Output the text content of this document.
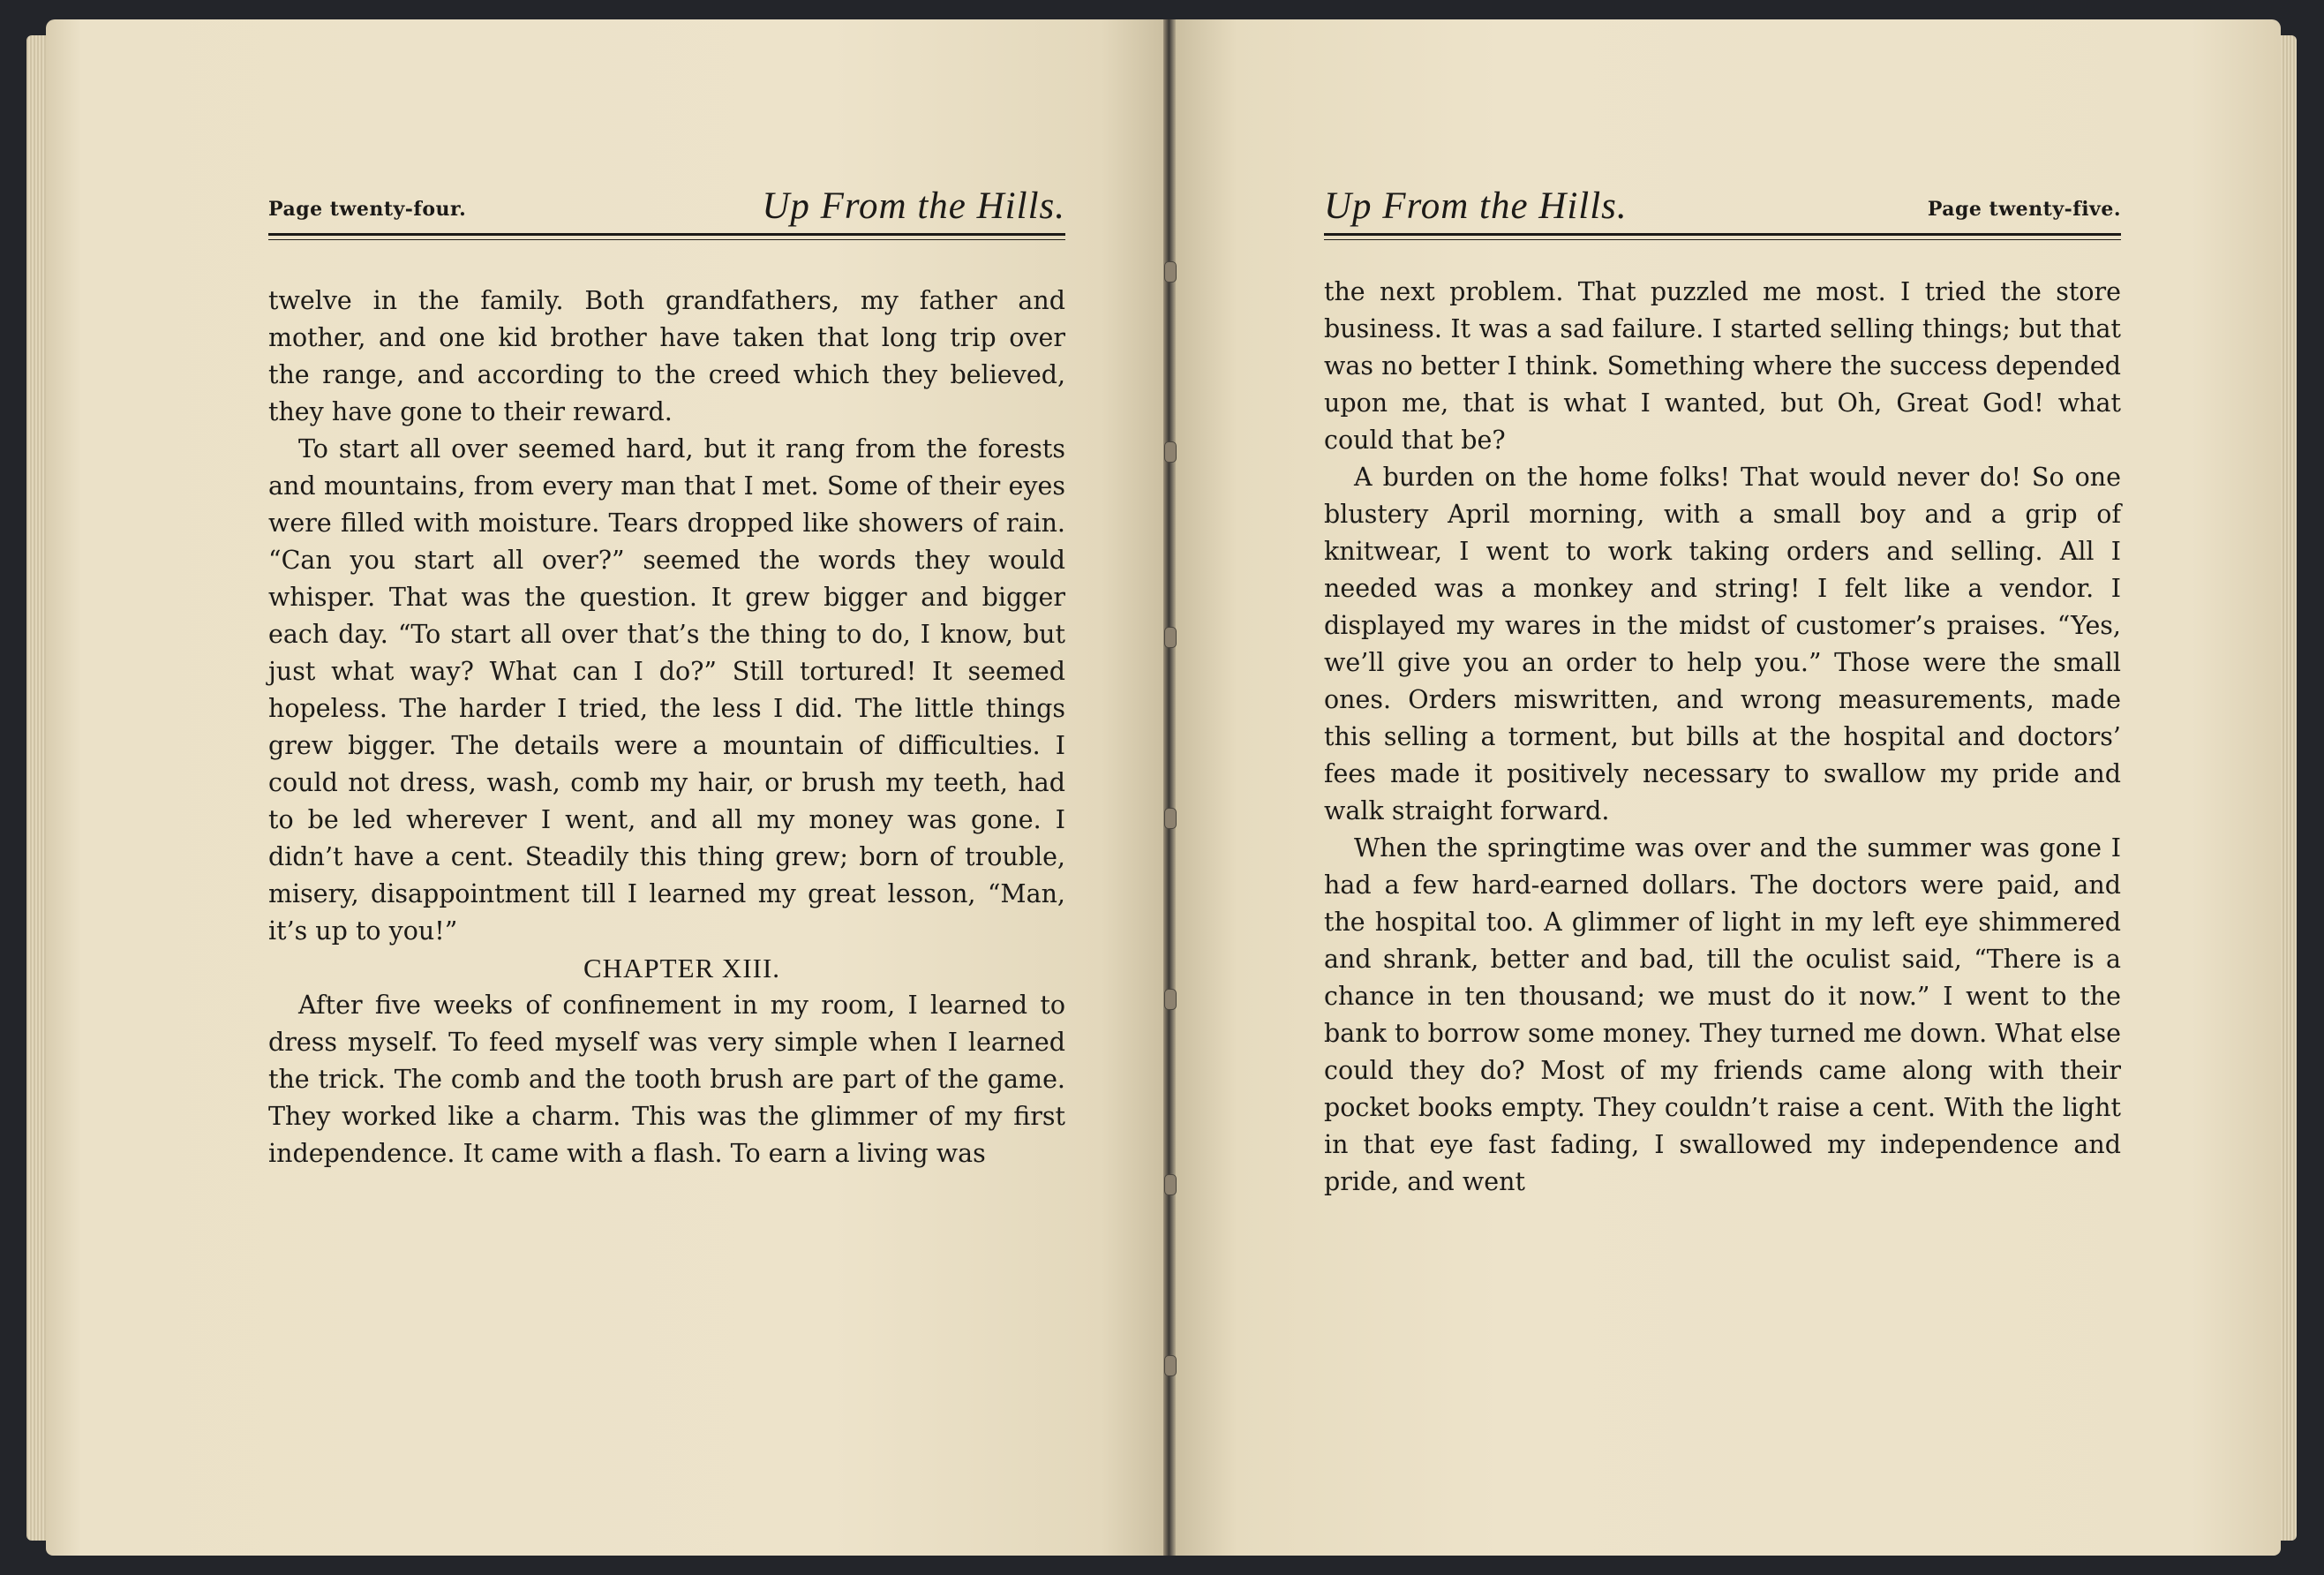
Page twenty-four.	Up From the Hills.

twelve in the family. Both grandfathers, my father and mother, and one kid brother have taken that long trip over the range, and according to the creed which they believed, they have gone to their reward.

To start all over seemed hard, but it rang from the forests and mountains, from every man that I met. Some of their eyes were filled with moisture. Tears dropped like showers of rain. “Can you start all over?” seemed the words they would whisper. That was the question. It grew bigger and bigger each day. “To start all over that’s the thing to do, I know, but just what way? What can I do?” Still tortured! It seemed hopeless. The harder I tried, the less I did. The little things grew bigger. The details were a mountain of difficulties. I could not dress, wash, comb my hair, or brush my teeth, had to be led wherever I went, and all my money was gone. I didn’t have a cent. Steadily this thing grew; born of trouble, misery, disappointment till I learned my great lesson, “Man, it’s up to you!”

CHAPTER XIII.

After five weeks of confinement in my room, I learned to dress myself. To feed myself was very simple when I learned the trick. The comb and the tooth brush are part of the game. They worked like a charm. This was the glimmer of my first independence. It came with a flash. To earn a living was

Up From the Hills.	Page twenty-five.

the next problem. That puzzled me most. I tried the store business. It was a sad failure. I started selling things; but that was no better I think. Something where the success depended upon me, that is what I wanted, but Oh, Great God! what could that be?

A burden on the home folks! That would never do! So one blustery April morning, with a small boy and a grip of knitwear, I went to work taking orders and selling. All I needed was a monkey and string! I felt like a vendor. I displayed my wares in the midst of customer’s praises. “Yes, we’ll give you an order to help you.” Those were the small ones. Orders miswritten, and wrong measurements, made this selling a torment, but bills at the hospital and doctors’ fees made it positively necessary to swallow my pride and walk straight forward.

When the springtime was over and the summer was gone I had a few hard-earned dollars. The doctors were paid, and the hospital too. A glimmer of light in my left eye shimmered and shrank, better and bad, till the oculist said, “There is a chance in ten thousand; we must do it now.” I went to the bank to borrow some money. They turned me down. What else could they do? Most of my friends came along with their pocket books empty. They couldn’t raise a cent. With the light in that eye fast fading, I swallowed my independence and pride, and went
